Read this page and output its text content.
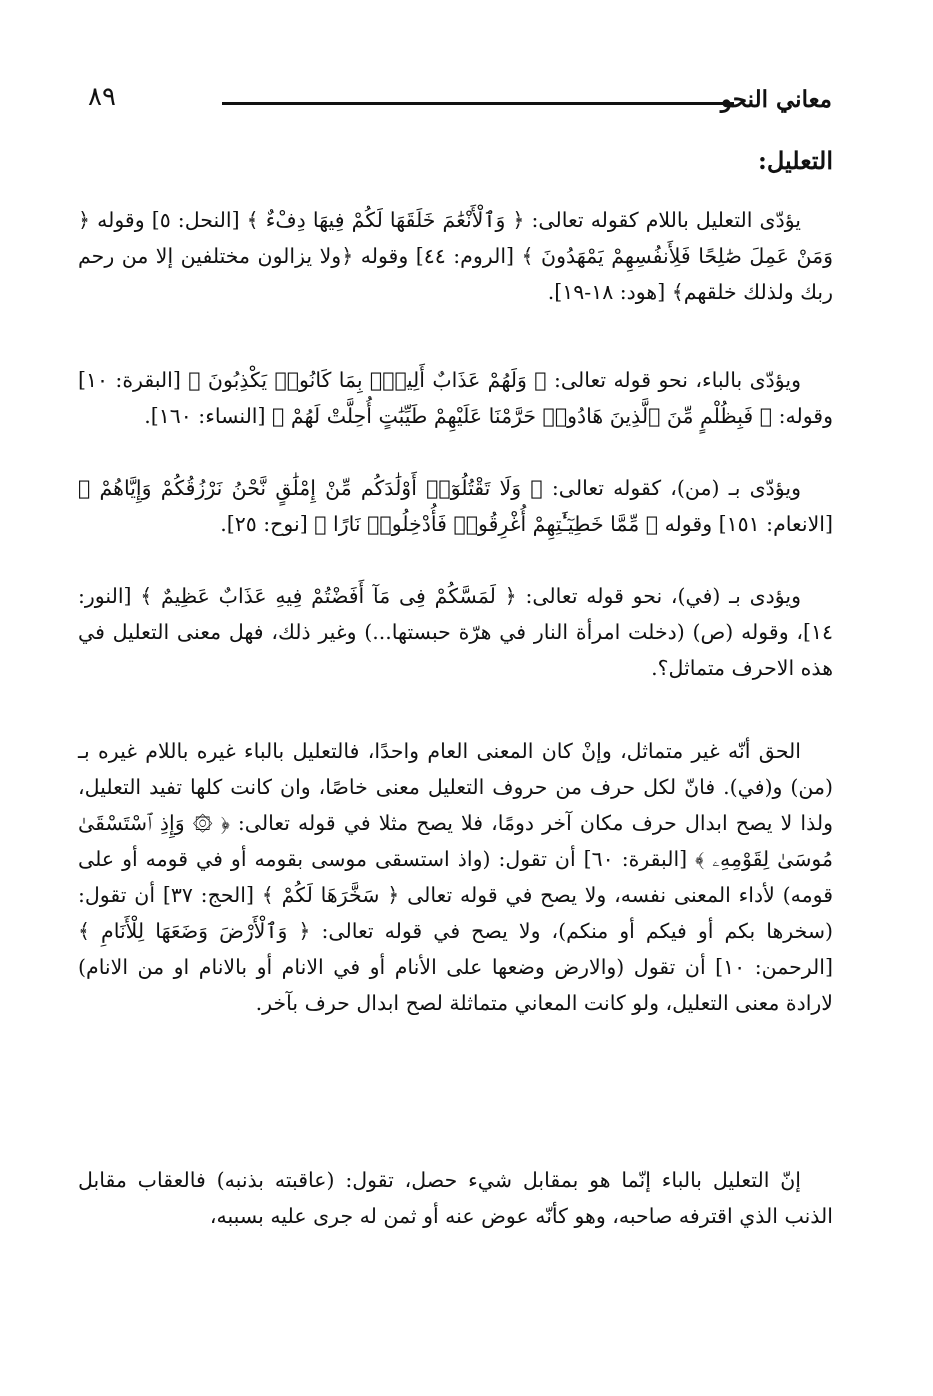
٨٩	معاني النحو
التعليل:

يؤدّى التعليل باللام كقوله تعالى: ﴿ وَٱلْأَنْعَٰمَ خَلَقَهَا لَكُمْ فِيهَا دِفْءٌ ﴾ [النحل: ٥] وقوله ﴿ وَمَنْ عَمِلَ صَٰلِحًا فَلِأَنفُسِهِمْ يَمْهَدُونَ ﴾ [الروم: ٤٤] وقوله ﴿ولا يزالون مختلفين إلا من رحم ربك ولذلك خلقهم﴾ [هود: ١٨-١٩].

ويؤدّى بالباء، نحو قوله تعالى: ﴿ وَلَهُمْ عَذَابٌ أَلِيمٌۢ بِمَا كَانُوا۟ يَكْذِبُونَ ﴾ [البقرة: ١٠] وقوله: ﴿ فَبِظُلْمٍ مِّنَ ٱلَّذِينَ هَادُوا۟ حَرَّمْنَا عَلَيْهِمْ طَيِّبَٰتٍ أُحِلَّتْ لَهُمْ ﴾ [النساء: ١٦٠].

ويؤدّى بـ (من)، كقوله تعالى: ﴿ وَلَا تَقْتُلُوٓا۟ أَوْلَٰدَكُم مِّنْ إِمْلَٰقٍ نَّحْنُ نَرْزُقُكُمْ وَإِيَّاهُمْ ﴾ [الانعام: ١٥١] وقوله ﴿ مِّمَّا خَطِيٓـَٰٔتِهِمْ أُغْرِقُوا۟ فَأُدْخِلُوا۟ نَارًا ﴾ [نوح: ٢٥].

ويؤدى بـ (في)، نحو قوله تعالى: ﴿ لَمَسَّكُمْ فِى مَآ أَفَضْتُمْ فِيهِ عَذَابٌ عَظِيمٌ ﴾ [النور: ١٤]، وقوله (ص) (دخلت امرأة النار في هرّة حبستها...) وغير ذلك، فهل معنى التعليل في هذه الاحرف متماثل؟.

الحق أنّه غير متماثل، وإنْ كان المعنى العام واحدًا، فالتعليل بالباء غيره باللام غيره بـ (من) و(في). فانّ لكل حرف من حروف التعليل معنى خاصًا، وان كانت كلها تفيد التعليل، ولذا لا يصح ابدال حرف مكان آخر دومًا، فلا يصح مثلا في قوله تعالى: ﴿ ۞ وَإِذِ ٱسْتَسْقَىٰ مُوسَىٰ لِقَوْمِهِۦ ﴾ [البقرة: ٦٠] أن تقول: (واذ استسقى موسى بقومه أو في قومه أو على قومه) لأداء المعنى نفسه، ولا يصح في قوله تعالى ﴿ سَخَّرَهَا لَكُمْ ﴾ [الحج: ٣٧] أن تقول: (سخرها بكم أو فيكم أو منكم)، ولا يصح في قوله تعالى: ﴿ وَٱلْأَرْضَ وَضَعَهَا لِلْأَنَامِ ﴾ [الرحمن: ١٠] أن تقول (والارض وضعها على الأنام أو في الانام أو بالانام او من الانام) لارادة معنى التعليل، ولو كانت المعاني متماثلة لصح ابدال حرف بآخر.

إنّ التعليل بالباء إنّما هو بمقابل شيء حصل، تقول: (عاقبته بذنبه) فالعقاب مقابل الذنب الذي اقترفه صاحبه، وهو كأنّه عوض عنه أو ثمن له جرى عليه بسببه،
